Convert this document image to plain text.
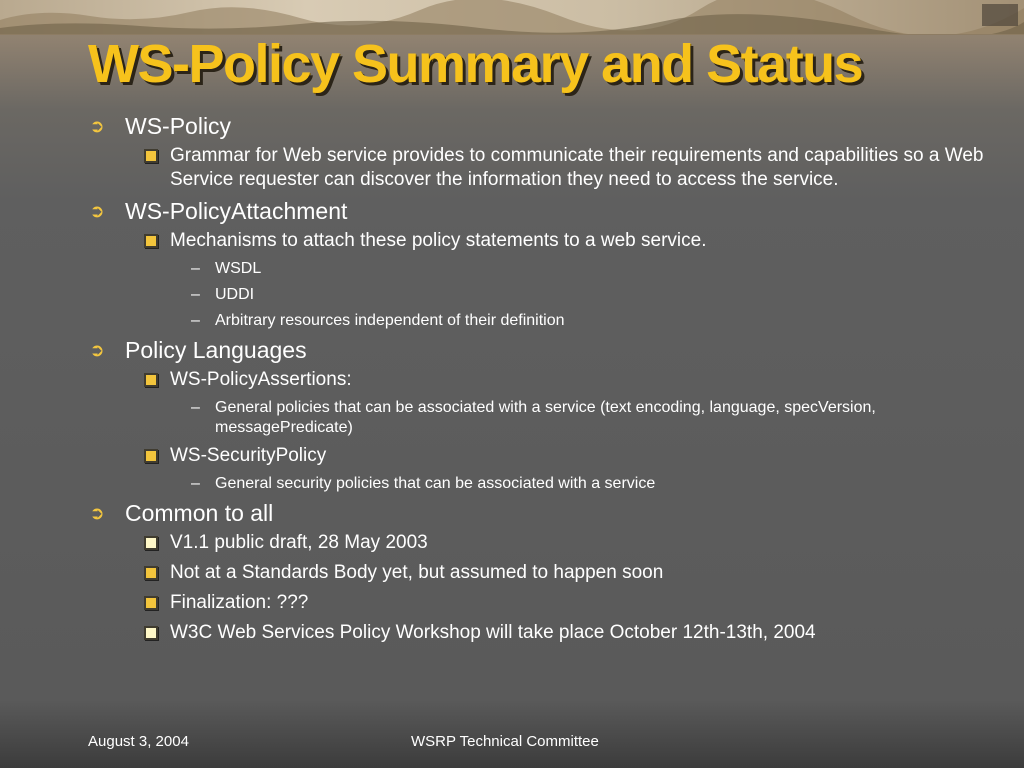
WS-Policy Summary and Status
➲ WS-Policy
Grammar for Web service provides to communicate their requirements and capabilities so a Web Service requester can discover the information they need to access the service.
➲ WS-PolicyAttachment
Mechanisms to attach these policy statements to a web service.
– WSDL
– UDDI
– Arbitrary resources independent of their definition
➲ Policy Languages
WS-PolicyAssertions:
– General policies that can be associated with a service (text encoding, language, specVersion, messagePredicate)
WS-SecurityPolicy
– General security policies that can be associated with a service
➲ Common to all
V1.1 public draft, 28 May 2003
Not at a Standards Body yet, but assumed to happen soon
Finalization: ???
W3C Web Services Policy Workshop will take place October 12th-13th, 2004
August 3, 2004	WSRP Technical Committee
